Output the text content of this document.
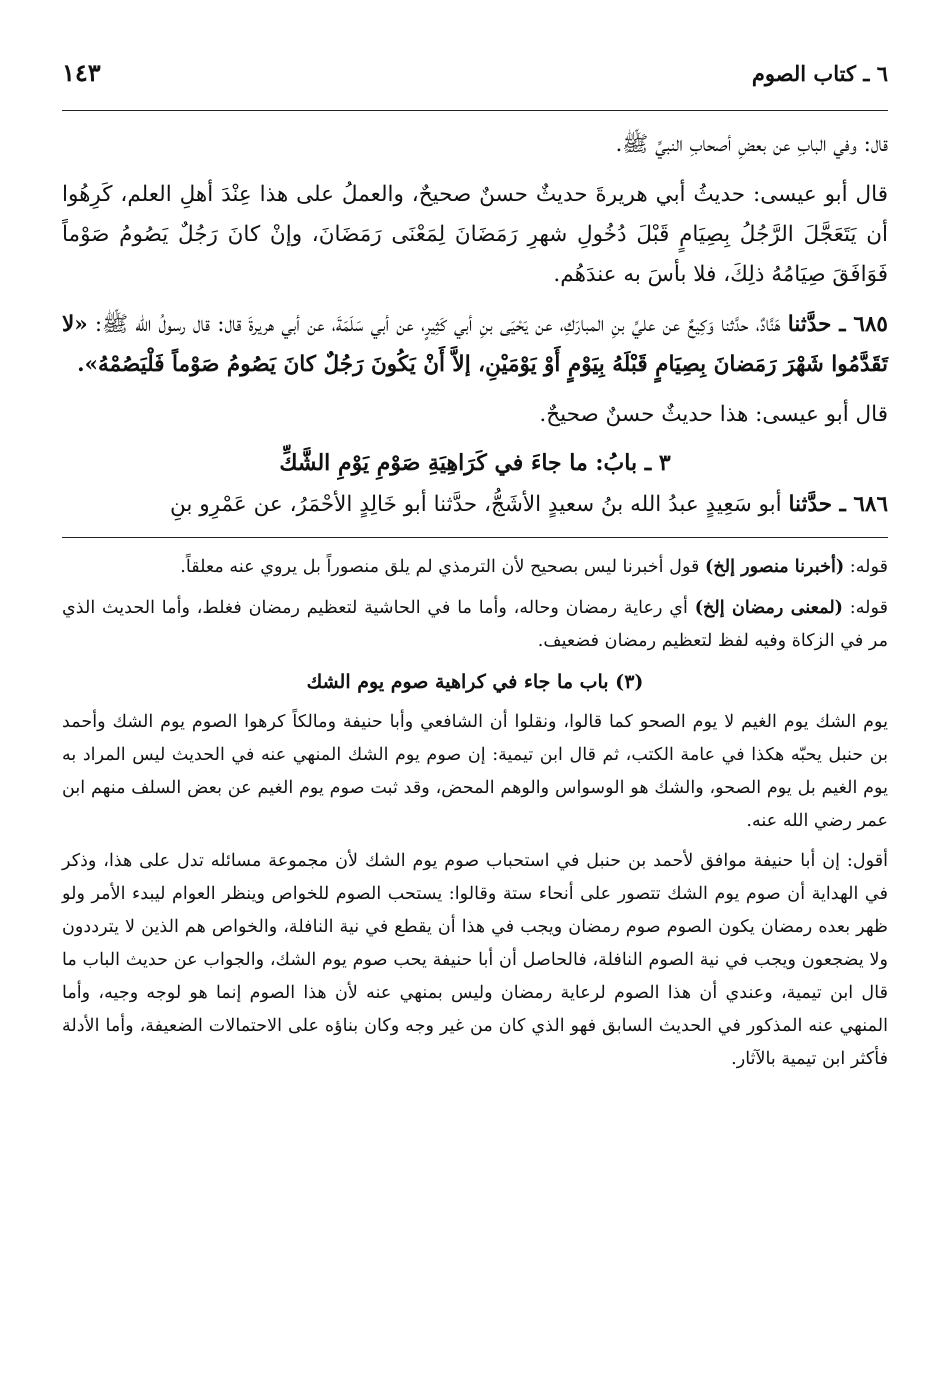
٦ ـ كتاب الصوم
١٤٣

قال: وفي البابِ عن بعضِ أصحابِ النبيِّ ﷺ.

قال أبو عيسى: حديثُ أبي هريرةَ حديثٌ حسنٌ صحيحٌ، والعملُ على هذا عِنْدَ أهلِ العلم، كَرِهُوا أن يَتَعَجَّلَ الرَّجُلُ بِصِيَامٍ قَبْلَ دُخُولِ شهرِ رَمَضَانَ لِمَعْنَى رَمَضَانَ، وإنْ كانَ رَجُلٌ يَصُومُ صَوْماً فَوَافَقَ صِيَامُهُ ذلِكَ، فلا بأسَ به عندَهُم.

٦٨٥ ـ حدَّثنا هَنَّادٌ، حدَّثنا وَكِيعٌ عن عليِّ بنِ المبارَكِ، عن يَحْيَى بنِ أبي كَثِيرٍ، عن أبي سَلَمَةَ، عن أبي هريرةَ قال: قال رسولُ الله ﷺ: «لا تَقَدَّمُوا شَهْرَ رَمَضانَ بِصِيَامٍ قَبْلَهُ بِيَوْمٍ أَوْ يَوْمَيْنِ، إلاَّ أَنْ يَكُونَ رَجُلٌ كانَ يَصُومُ صَوْماً فَلْيَصُمْهُ».

قال أبو عيسى: هذا حديثٌ حسنٌ صحيحٌ.

٣ ـ بابُ: ما جاءَ في كَرَاهِيَةِ صَوْمِ يَوْمِ الشَّكِّ

٦٨٦ ـ حدَّثنا أبو سَعِيدٍ عبدُ الله بنُ سعيدٍ الأشَجُّ، حدَّثنا أبو خَالِدٍ الأحْمَرُ، عن عَمْرِو بنِ

قوله: (أخبرنا منصور إلخ) قول أخبرنا ليس بصحيح لأن الترمذي لم يلق منصوراً بل يروي عنه معلقاً.

قوله: (لمعنى رمضان إلخ) أي رعاية رمضان وحاله، وأما ما في الحاشية لتعظيم رمضان فغلط، وأما الحديث الذي مر في الزكاة وفيه لفظ لتعظيم رمضان فضعيف.

(٣) باب ما جاء في كراهية صوم يوم الشك

يوم الشك يوم الغيم لا يوم الصحو كما قالوا، ونقلوا أن الشافعي وأبا حنيفة ومالكاً كرهوا الصوم يوم الشك وأحمد بن حنبل يحبّه هكذا في عامة الكتب، ثم قال ابن تيمية: إن صوم يوم الشك المنهي عنه في الحديث ليس المراد به يوم الغيم بل يوم الصحو، والشك هو الوسواس والوهم المحض، وقد ثبت صوم يوم الغيم عن بعض السلف منهم ابن عمر رضي الله عنه.

أقول: إن أبا حنيفة موافق لأحمد بن حنبل في استحباب صوم يوم الشك لأن مجموعة مسائله تدل على هذا، وذكر في الهداية أن صوم يوم الشك تتصور على أنحاء ستة وقالوا: يستحب الصوم للخواص وينظر العوام ليبدء الأمر ولو ظهر بعده رمضان يكون الصوم صوم رمضان ويجب في هذا أن يقطع في نية النافلة، والخواص هم الذين لا يترددون ولا يضجعون ويجب في نية الصوم النافلة، فالحاصل أن أبا حنيفة يحب صوم يوم الشك، والجواب عن حديث الباب ما قال ابن تيمية، وعندي أن هذا الصوم لرعاية رمضان وليس بمنهي عنه لأن هذا الصوم إنما هو لوجه وجيه، وأما المنهي عنه المذكور في الحديث السابق فهو الذي كان من غير وجه وكان بناؤه على الاحتمالات الضعيفة، وأما الأدلة فأكثر ابن تيمية بالآثار.
